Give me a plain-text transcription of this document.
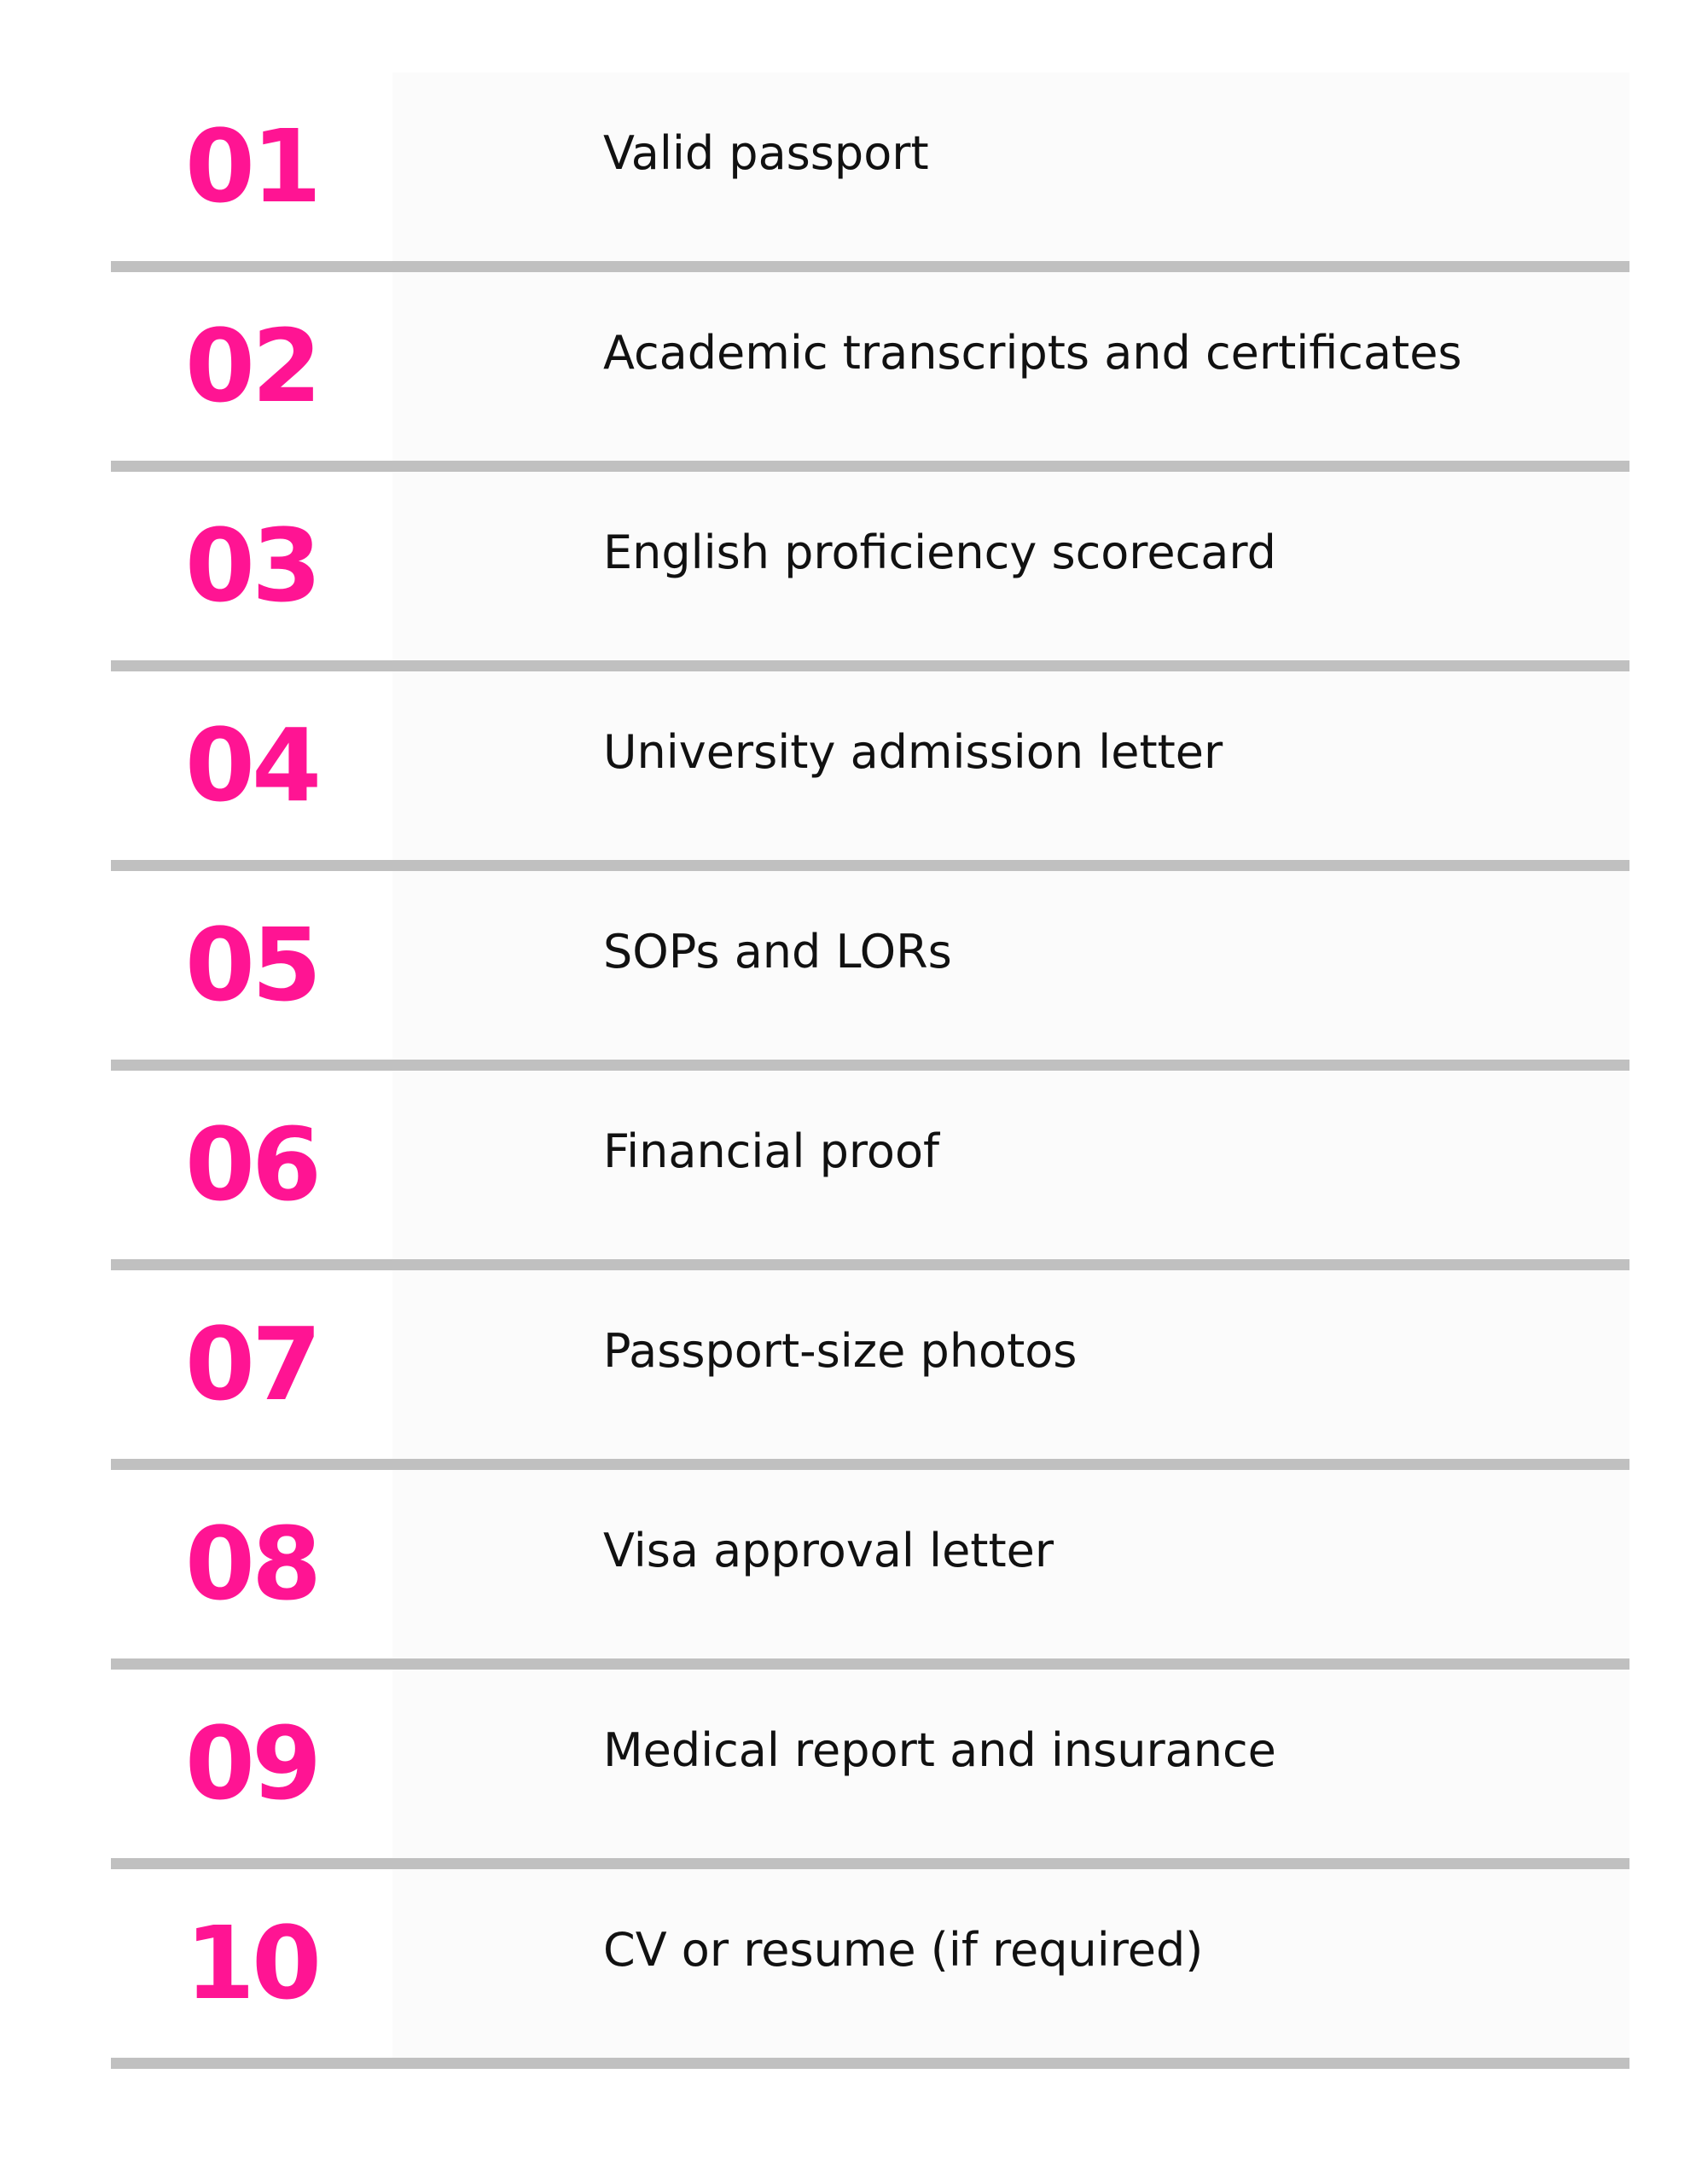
01	Valid passport
02	Academic transcripts and certificates
03	English proficiency scorecard
04	University admission letter
05	SOPs and LORs
06	Financial proof
07	Passport-size photos
08	Visa approval letter
09	Medical report and insurance
10	CV or resume (if required)
